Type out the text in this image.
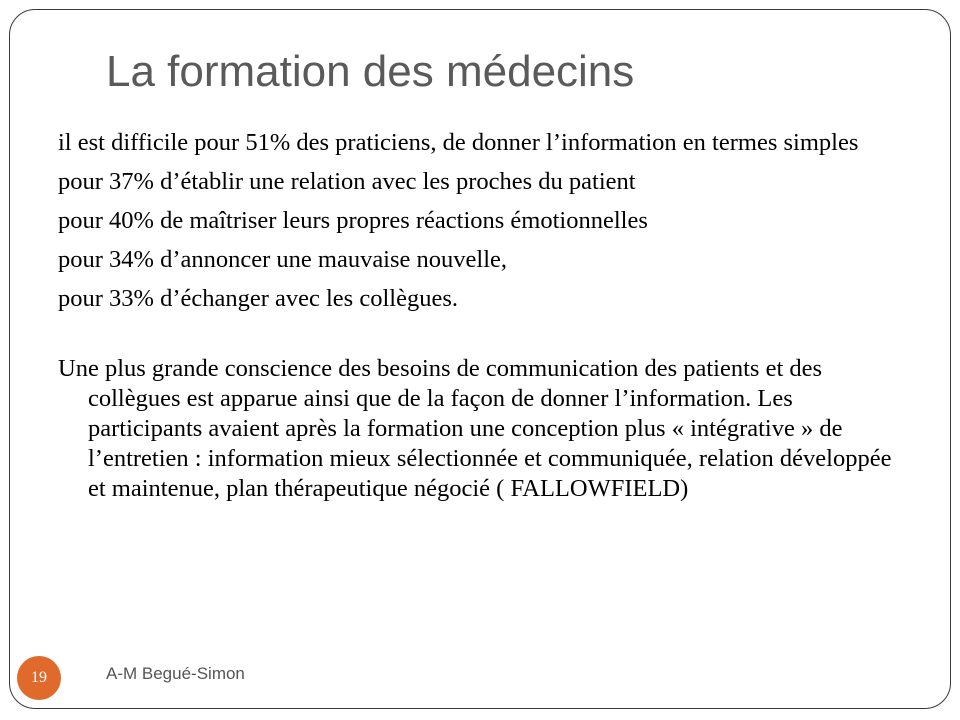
La formation des médecins

il est difficile pour 51% des praticiens, de donner l’information en termes simples

pour 37% d’établir une relation avec les proches du patient

pour 40% de maîtriser leurs propres réactions émotionnelles

pour 34% d’annoncer une mauvaise nouvelle,

pour 33% d’échanger avec les collègues.

Une plus grande conscience des besoins de communication des patients et des collègues est apparue ainsi que de la façon de donner l’information. Les participants avaient après la formation une conception plus « intégrative » de l’entretien : information mieux sélectionnée et communiquée, relation développée et maintenue, plan thérapeutique négocié ( FALLOWFIELD)

19	A-M Begué-Simon
